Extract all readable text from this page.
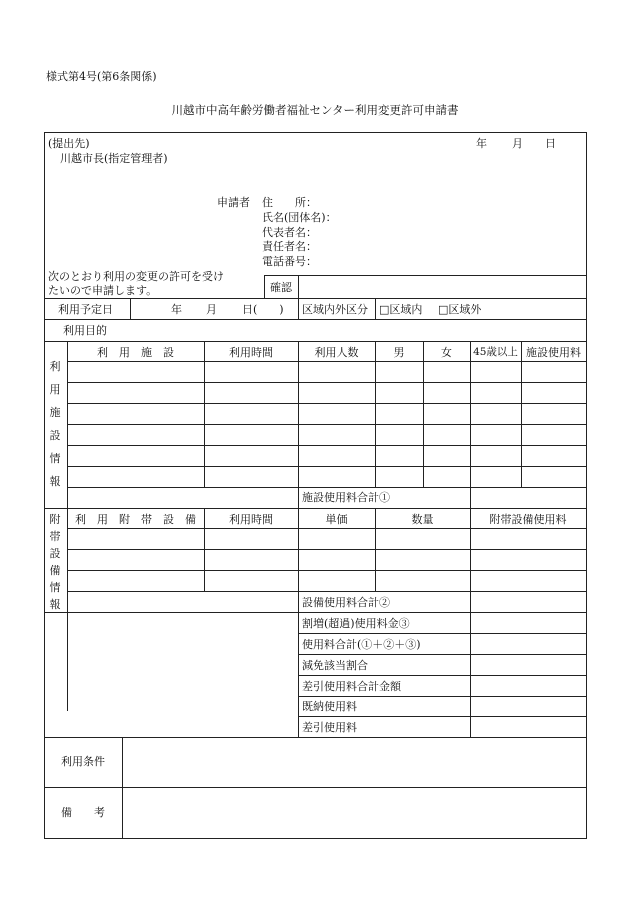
様式第4号(第6条関係)
川越市中高年齢労働者福祉センター利用変更許可申請書
(提出先)
川越市長(指定管理者)
年 月 日
申請者 住　　所：
氏名(団体名)：
代表者名：
責任者名：
電話番号：
次のとおり利用の変更の許可を受け
たいので申請します。	確認
利用予定日	年 月 日(　　) 区域内外区分 □区域内 □区域外
利用目的
利　用　施　設	利用時間	利用人数	男	女	45歳以上 施設使用料
利
用
施
設
情
報
施設使用料合計①
利　用　附　帯　設　備	利用時間	単価	数量	附帯設備使用料
附
帯
設
備
情
報	設備使用料合計②
割増(超過)使用料金③
使用料合計(①＋②＋③)
減免該当割合
差引使用料合計金額
既納使用料
差引使用料
利用条件
備　　考
